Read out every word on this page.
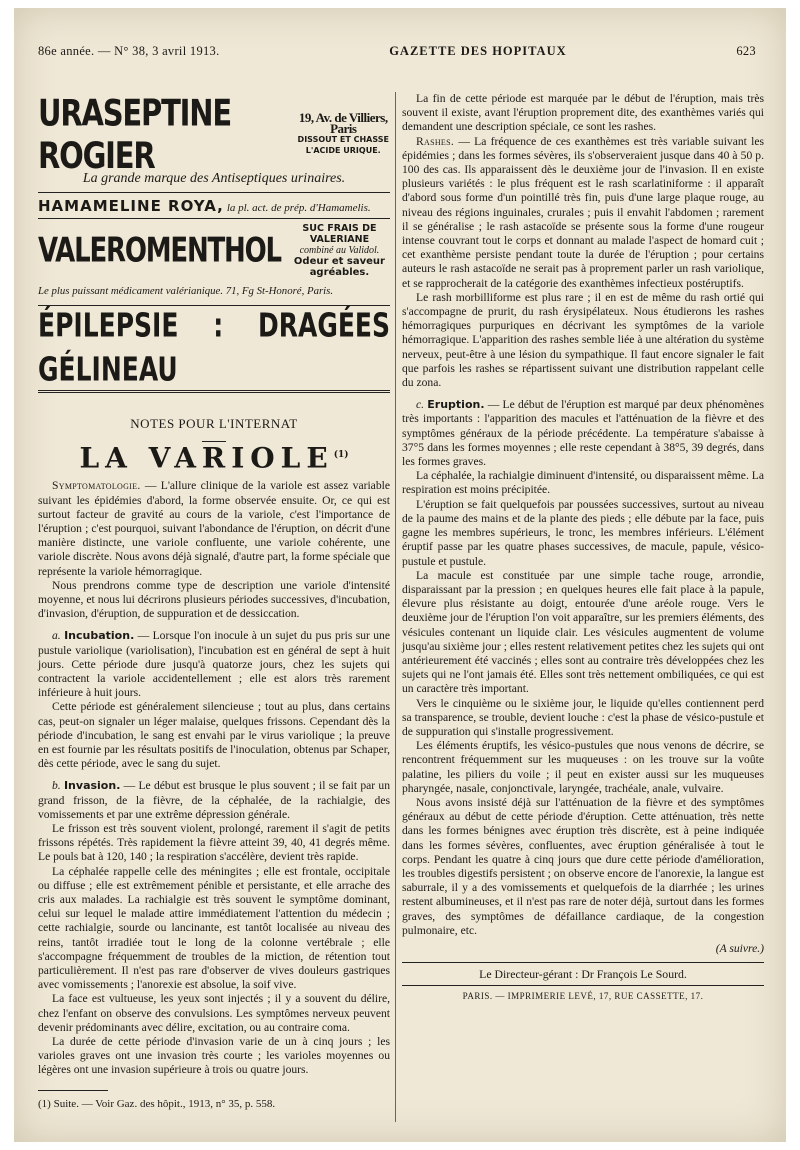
86e année. — N° 38, 3 avril 1913.	GAZETTE DES HOPITAUX	623
URASEPTINE ROGIER
19, Av. de Villiers, Paris
DISSOUT ET CHASSE
L'ACIDE URIQUE.
La grande marque des Antiseptiques urinaires.
HAMAMELINE ROYA, la pl. act. de prép. d'Hamamelis.
VALEROMENTHOL
SUC FRAIS DE VALERIANE
combiné au Validol.
Odeur et saveur agréables.
Le plus puissant médicament valérianique. 71, Fg St-Honoré, Paris.
ÉPILEPSIE : DRAGÉES GÉLINEAU
NOTES POUR L'INTERNAT
LA VARIOLE$^{(1)}$

Symptomatologie. — L'allure clinique de la variole est assez variable suivant les épidémies d'abord, la forme observée ensuite. Or, ce qui est surtout facteur de gravité au cours de la variole, c'est l'importance de l'éruption ; c'est pourquoi, suivant l'abondance de l'éruption, on décrit d'une manière distincte, une variole confluente, une variole cohérente, une variole discrète. Nous avons déjà signalé, d'autre part, la forme spéciale que représente la variole hémorragique.

Nous prendrons comme type de description une variole d'intensité moyenne, et nous lui décrirons plusieurs périodes successives, d'incubation, d'invasion, d'éruption, de suppuration et de dessiccation.

a. Incubation. — Lorsque l'on inocule à un sujet du pus pris sur une pustule variolique (variolisation), l'incubation est en général de sept à huit jours. Cette période dure jusqu'à quatorze jours, chez les sujets qui contractent la variole accidentellement ; elle est alors très rarement inférieure à huit jours.

Cette période est généralement silencieuse ; tout au plus, dans certains cas, peut-on signaler un léger malaise, quelques frissons. Cependant dès la période d'incubation, le sang est envahi par le virus variolique ; la preuve en est fournie par les résultats positifs de l'inoculation, obtenus par Schaper, dès cette période, avec le sang du sujet.

b. Invasion. — Le début est brusque le plus souvent ; il se fait par un grand frisson, de la fièvre, de la céphalée, de la rachialgie, des vomissements et par une extrême dépression générale.

Le frisson est très souvent violent, prolongé, rarement il s'agit de petits frissons répétés. Très rapidement la fièvre atteint 39, 40, 41 degrés même. Le pouls bat à 120, 140 ; la respiration s'accélère, devient très rapide.

La céphalée rappelle celle des méningites ; elle est frontale, occipitale ou diffuse ; elle est extrêmement pénible et persistante, et elle arrache des cris aux malades. La rachialgie est très souvent le symptôme dominant, celui sur lequel le malade attire immédiatement l'attention du médecin ; cette rachialgie, sourde ou lancinante, est tantôt localisée au niveau des reins, tantôt irradiée tout le long de la colonne vertébrale ; elle s'accompagne fréquemment de troubles de la miction, de rétention tout particulièrement. Il n'est pas rare d'observer de vives douleurs gastriques avec vomissements ; l'anorexie est absolue, la soif vive.

La face est vultueuse, les yeux sont injectés ; il y a souvent du délire, chez l'enfant on observe des convulsions. Les symptômes nerveux peuvent devenir prédominants avec délire, excitation, ou au contraire coma.

La durée de cette période d'invasion varie de un à cinq jours ; les varioles graves ont une invasion très courte ; les varioles moyennes ou légères ont une invasion supérieure à trois ou quatre jours.

(1) Suite. — Voir Gaz. des hôpit., 1913, n° 35, p. 558.

La fin de cette période est marquée par le début de l'éruption, mais très souvent il existe, avant l'éruption proprement dite, des exanthèmes variés qui demandent une description spéciale, ce sont les rashes.

Rashes. — La fréquence de ces exanthèmes est très variable suivant les épidémies ; dans les formes sévères, ils s'observeraient jusque dans 40 à 50 p. 100 des cas. Ils apparaissent dès le deuxième jour de l'invasion. Il en existe plusieurs variétés : le plus fréquent est le rash scarlatiniforme : il apparaît d'abord sous forme d'un pointillé très fin, puis d'une large plaque rouge, au niveau des régions inguinales, crurales ; puis il envahit l'abdomen ; rarement il se généralise ; le rash astacoïde se présente sous la forme d'une rougeur intense couvrant tout le corps et donnant au malade l'aspect de homard cuit ; cet exanthème persiste pendant toute la durée de l'éruption ; pour certains auteurs le rash astacoïde ne serait pas à proprement parler un rash variolique, et se rapprocherait de la catégorie des exanthèmes infectieux postéruptifs.

Le rash morbilliforme est plus rare ; il en est de même du rash ortié qui s'accompagne de prurit, du rash érysipélateux. Nous étudierons les rashes hémorragiques purpuriques en décrivant les symptômes de la variole hémorragique. L'apparition des rashes semble liée à une altération du système nerveux, peut-être à une lésion du sympathique. Il faut encore signaler le fait que parfois les rashes se répartissent suivant une distribution rappelant celle du zona.

c. Eruption. — Le début de l'éruption est marqué par deux phénomènes très importants : l'apparition des macules et l'atténuation de la fièvre et des symptômes généraux de la période précédente. La température s'abaisse à 37°5 dans les formes moyennes ; elle reste cependant à 38°5, 39 degrés, dans les formes graves.

La céphalée, la rachialgie diminuent d'intensité, ou disparaissent même. La respiration est moins précipitée.

L'éruption se fait quelquefois par poussées successives, surtout au niveau de la paume des mains et de la plante des pieds ; elle débute par la face, puis gagne les membres supérieurs, le tronc, les membres inférieurs. L'élément éruptif passe par les quatre phases successives, de macule, papule, vésico-pustule et pustule.

La macule est constituée par une simple tache rouge, arrondie, disparaissant par la pression ; en quelques heures elle fait place à la papule, élevure plus résistante au doigt, entourée d'une aréole rouge. Vers le deuxième jour de l'éruption l'on voit apparaître, sur les premiers éléments, des vésicules contenant un liquide clair. Les vésicules augmentent de volume jusqu'au sixième jour ; elles restent relativement petites chez les sujets qui ont antérieurement été vaccinés ; elles sont au contraire très développées chez les sujets qui ne l'ont jamais été. Elles sont très nettement ombiliquées, ce qui est un caractère très important.

Vers le cinquième ou le sixième jour, le liquide qu'elles contiennent perd sa transparence, se trouble, devient louche : c'est la phase de vésico-pustule et de suppuration qui s'installe progressivement.

Les éléments éruptifs, les vésico-pustules que nous venons de décrire, se rencontrent fréquemment sur les muqueuses : on les trouve sur la voûte palatine, les piliers du voile ; il peut en exister aussi sur les muqueuses pharyngée, nasale, conjonctivale, laryngée, trachéale, anale, vulvaire.

Nous avons insisté déjà sur l'atténuation de la fièvre et des symptômes généraux au début de cette période d'éruption. Cette atténuation, très nette dans les formes bénignes avec éruption très discrète, est à peine indiquée dans les formes sévères, confluentes, avec éruption généralisée à tout le corps. Pendant les quatre à cinq jours que dure cette période d'amélioration, les troubles digestifs persistent ; on observe encore de l'anorexie, la langue est saburrale, il y a des vomissements et quelquefois de la diarrhée ; les urines restent albumineuses, et il n'est pas rare de noter déjà, surtout dans les formes graves, des symptômes de défaillance cardiaque, de la congestion pulmonaire, etc.

(A suivre.)
Le Directeur-gérant : Dr François Le Sourd.
PARIS. — IMPRIMERIE LEVÉ, 17, RUE CASSETTE, 17.
